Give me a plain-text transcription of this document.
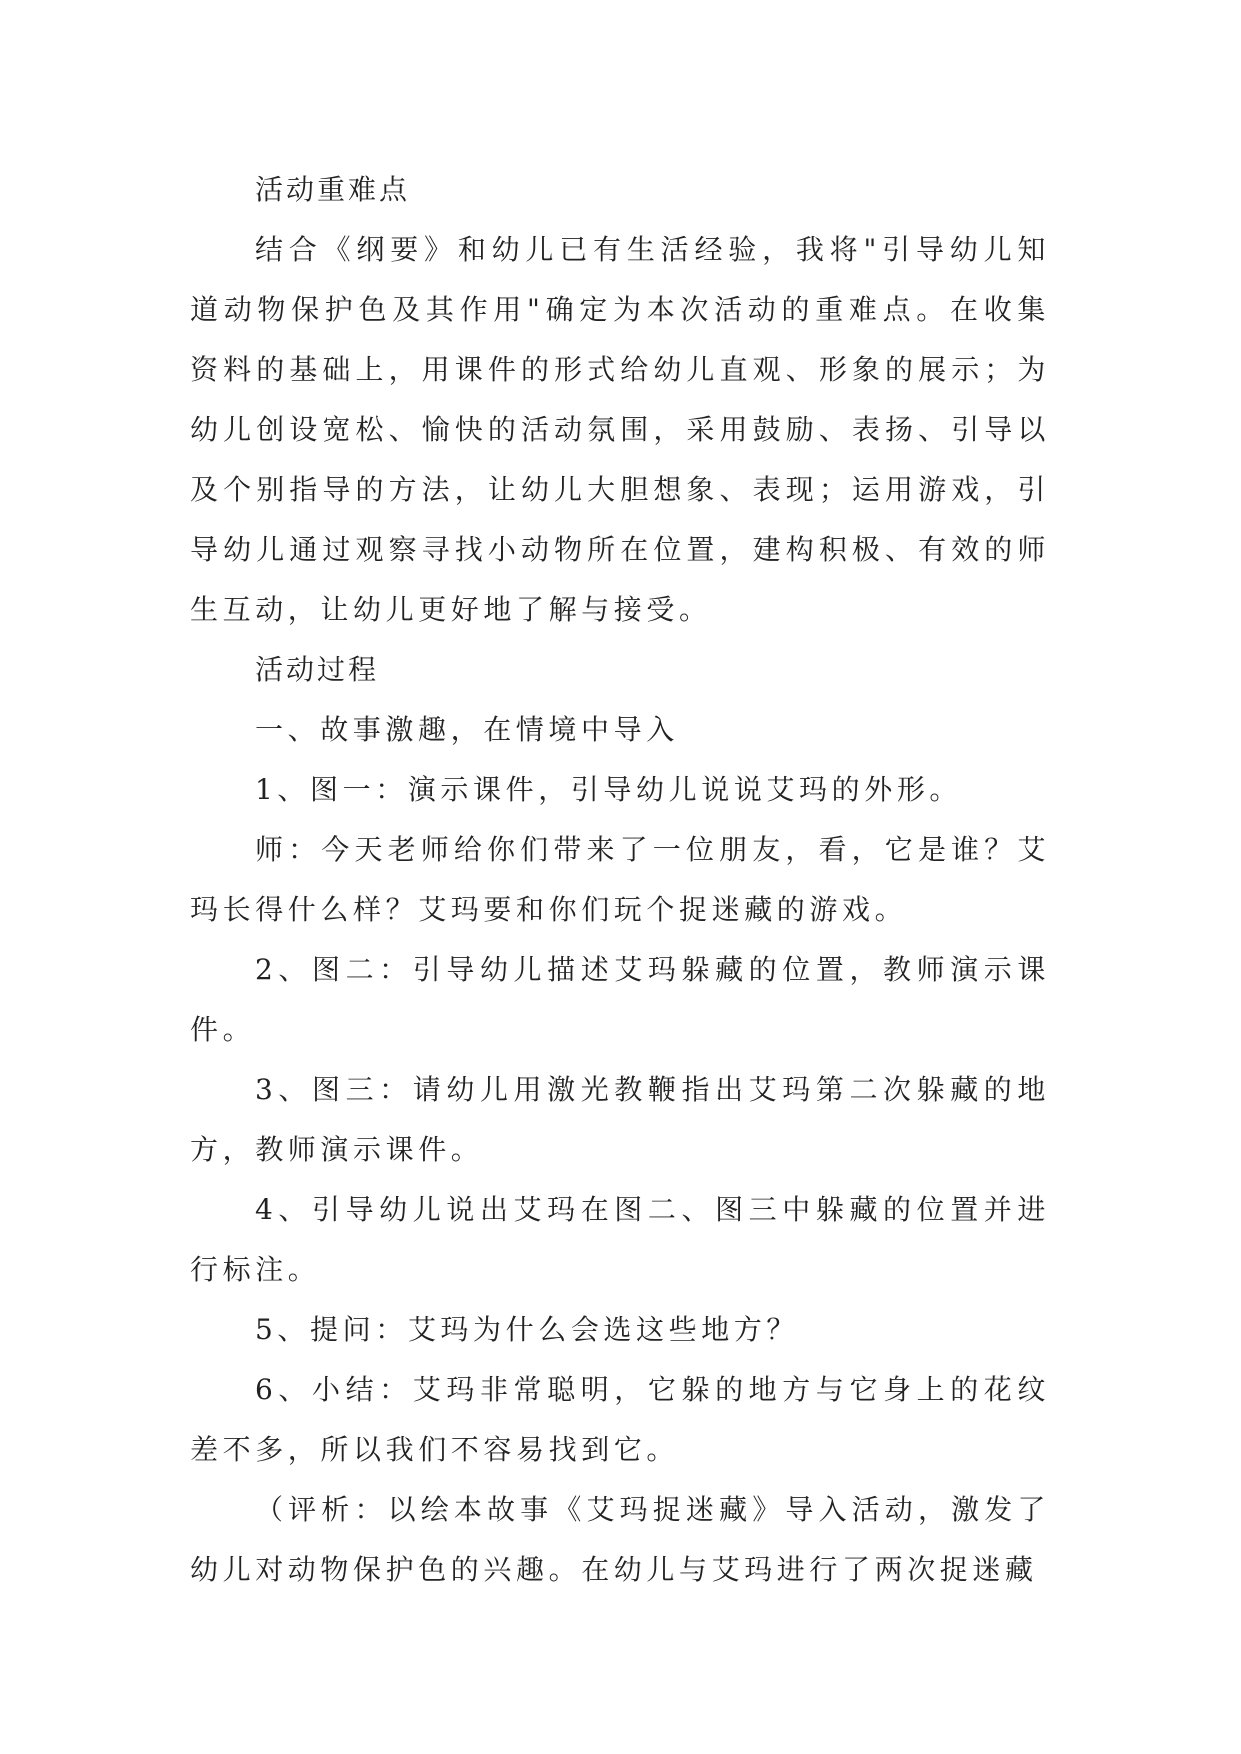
活动重难点

结合《纲要》和幼儿已有生活经验，我将"引导幼儿知道动物保护色及其作用"确定为本次活动的重难点。在收集资料的基础上，用课件的形式给幼儿直观、形象的展示；为幼儿创设宽松、愉快的活动氛围，采用鼓励、表扬、引导以及个别指导的方法，让幼儿大胆想象、表现；运用游戏，引导幼儿通过观察寻找小动物所在位置，建构积极、有效的师生互动，让幼儿更好地了解与接受。

活动过程

一、故事激趣，在情境中导入

1、图一：演示课件，引导幼儿说说艾玛的外形。

师：今天老师给你们带来了一位朋友，看，它是谁？艾玛长得什么样？艾玛要和你们玩个捉迷藏的游戏。

2、图二：引导幼儿描述艾玛躲藏的位置，教师演示课件。

3、图三：请幼儿用激光教鞭指出艾玛第二次躲藏的地方，教师演示课件。

4、引导幼儿说出艾玛在图二、图三中躲藏的位置并进行标注。

5、提问：艾玛为什么会选这些地方？

6、小结：艾玛非常聪明，它躲的地方与它身上的花纹差不多，所以我们不容易找到它。

（评析：以绘本故事《艾玛捉迷藏》导入活动，激发了幼儿对动物保护色的兴趣。在幼儿与艾玛进行了两次捉迷藏
